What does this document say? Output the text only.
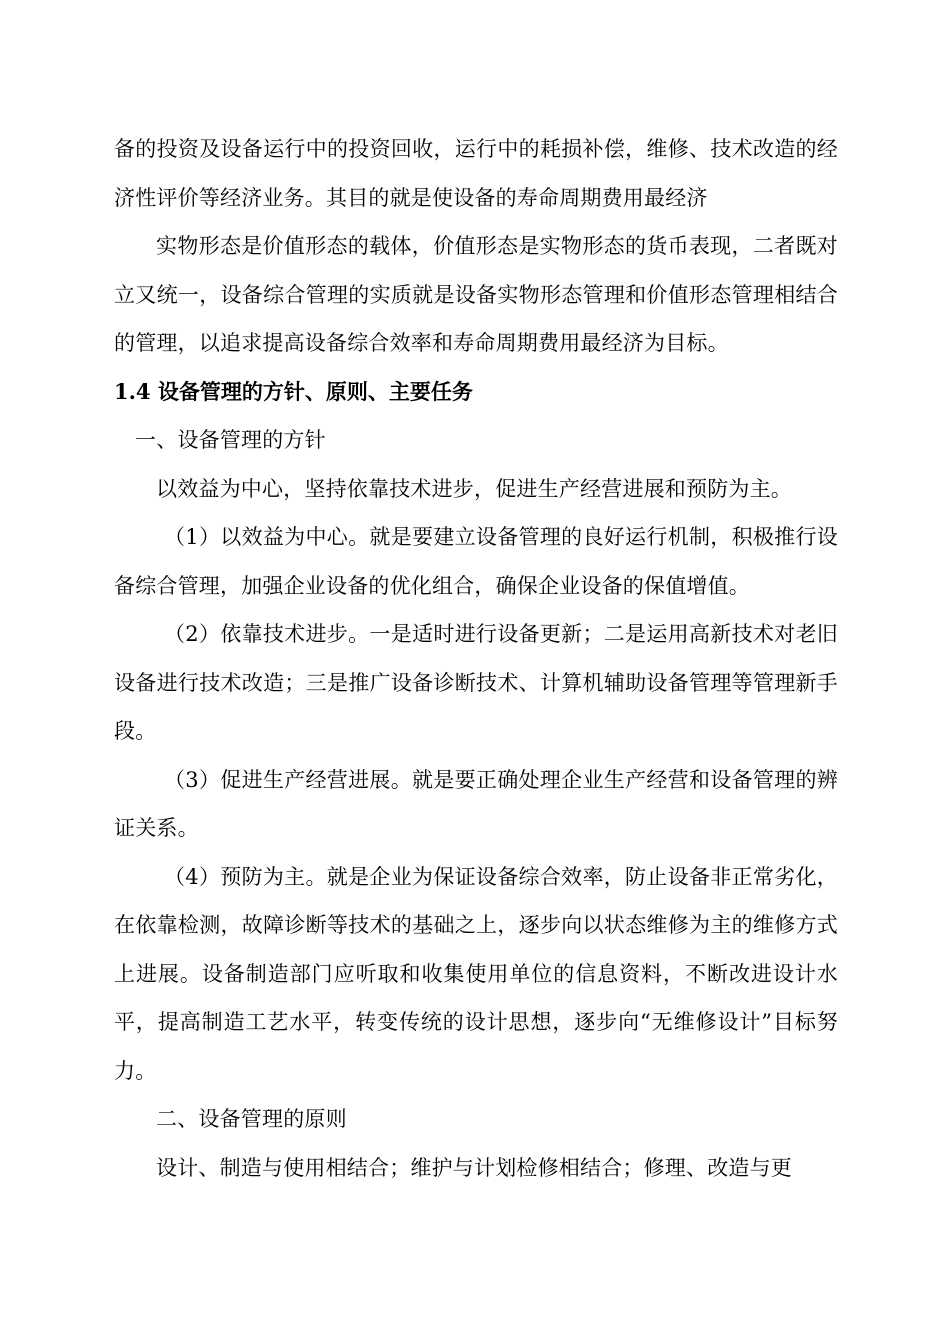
备的投资及设备运行中的投资回收，运行中的耗损补偿，维修、技术改造的经济性评价等经济业务。其目的就是使设备的寿命周期费用最经济

实物形态是价值形态的载体，价值形态是实物形态的货币表现，二者既对立又统一，设备综合管理的实质就是设备实物形态管理和价值形态管理相结合的管理，以追求提高设备综合效率和寿命周期费用最经济为目标。

1.4 设备管理的方针、原则、主要任务

一、设备管理的方针

以效益为中心，坚持依靠技术进步，促进生产经营进展和预防为主。

（1）以效益为中心。就是要建立设备管理的良好运行机制，积极推行设备综合管理，加强企业设备的优化组合，确保企业设备的保值增值。

（2）依靠技术进步。一是适时进行设备更新；二是运用高新技术对老旧设备进行技术改造；三是推广设备诊断技术、计算机辅助设备管理等管理新手段。

（3）促进生产经营进展。就是要正确处理企业生产经营和设备管理的辨证关系。

（4）预防为主。就是企业为保证设备综合效率，防止设备非正常劣化，在依靠检测，故障诊断等技术的基础之上，逐步向以状态维修为主的维修方式上进展。设备制造部门应听取和收集使用单位的信息资料，不断改进设计水平，提高制造工艺水平，转变传统的设计思想，逐步向“无维修设计”目标努力。

二、设备管理的原则

设计、制造与使用相结合；维护与计划检修相结合；修理、改造与更
